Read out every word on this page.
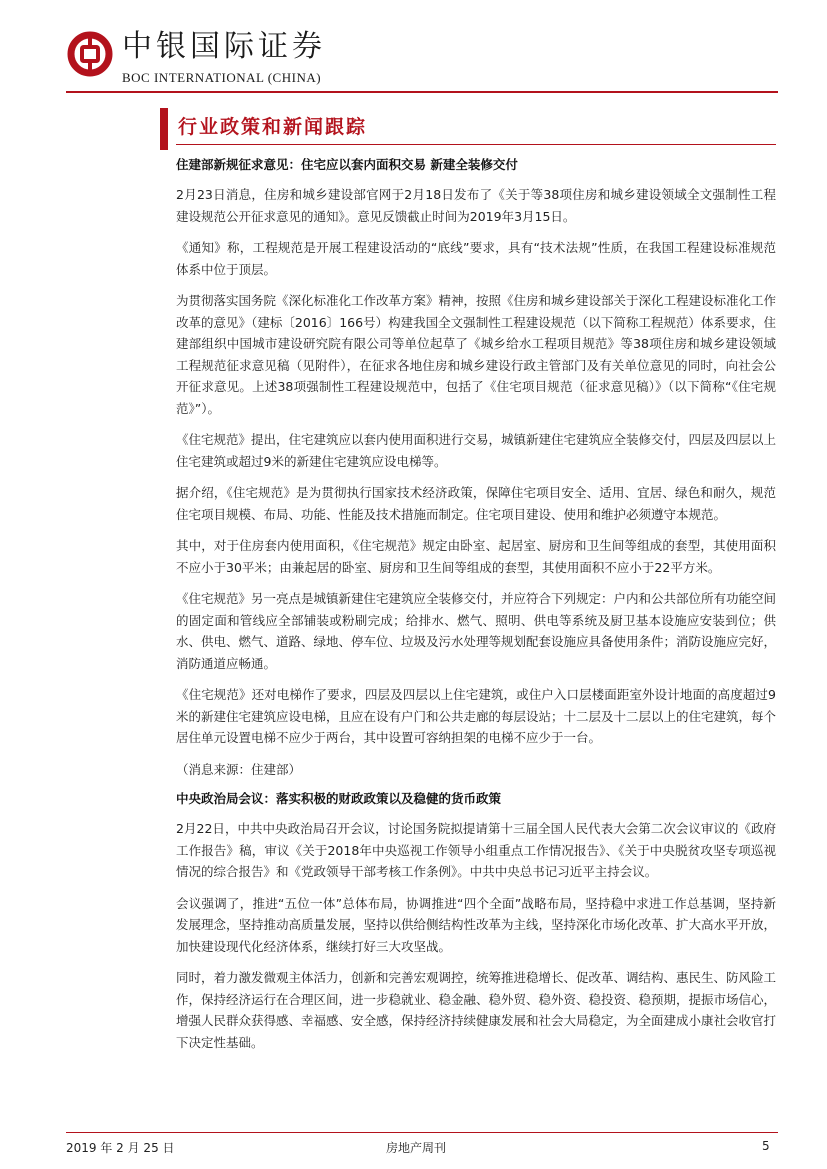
中银国际证券
BOC INTERNATIONAL (CHINA)
行业政策和新闻跟踪
住建部新规征求意见：住宅应以套内面积交易 新建全装修交付

2月23日消息，住房和城乡建设部官网于2月18日发布了《关于等38项住房和城乡建设领域全文强制性工程建设规范公开征求意见的通知》。意见反馈截止时间为2019年3月15日。

《通知》称，工程规范是开展工程建设活动的“底线”要求，具有“技术法规”性质，在我国工程建设标准规范体系中位于顶层。

为贯彻落实国务院《深化标准化工作改革方案》精神，按照《住房和城乡建设部关于深化工程建设标准化工作改革的意见》（建标〔2016〕166号）构建我国全文强制性工程建设规范（以下简称工程规范）体系要求，住建部组织中国城市建设研究院有限公司等单位起草了《城乡给水工程项目规范》等38项住房和城乡建设领域工程规范征求意见稿（见附件），在征求各地住房和城乡建设行政主管部门及有关单位意见的同时，向社会公开征求意见。上述38项强制性工程建设规范中，包括了《住宅项目规范（征求意见稿）》（以下简称“《住宅规范》”）。

《住宅规范》提出，住宅建筑应以套内使用面积进行交易，城镇新建住宅建筑应全装修交付，四层及四层以上住宅建筑或超过9米的新建住宅建筑应设电梯等。

据介绍，《住宅规范》是为贯彻执行国家技术经济政策，保障住宅项目安全、适用、宜居、绿色和耐久，规范住宅项目规模、布局、功能、性能及技术措施而制定。住宅项目建设、使用和维护必须遵守本规范。

其中，对于住房套内使用面积，《住宅规范》规定由卧室、起居室、厨房和卫生间等组成的套型，其使用面积不应小于30平米；由兼起居的卧室、厨房和卫生间等组成的套型，其使用面积不应小于22平方米。

《住宅规范》另一亮点是城镇新建住宅建筑应全装修交付，并应符合下列规定：户内和公共部位所有功能空间的固定面和管线应全部铺装或粉刷完成；给排水、燃气、照明、供电等系统及厨卫基本设施应安装到位；供水、供电、燃气、道路、绿地、停车位、垃圾及污水处理等规划配套设施应具备使用条件；消防设施应完好，消防通道应畅通。

《住宅规范》还对电梯作了要求，四层及四层以上住宅建筑，或住户入口层楼面距室外设计地面的高度超过9米的新建住宅建筑应设电梯，且应在设有户门和公共走廊的每层设站；十二层及十二层以上的住宅建筑，每个居住单元设置电梯不应少于两台，其中设置可容纳担架的电梯不应少于一台。

（消息来源：住建部）

中央政治局会议：落实积极的财政政策以及稳健的货币政策

2月22日，中共中央政治局召开会议，讨论国务院拟提请第十三届全国人民代表大会第二次会议审议的《政府工作报告》稿，审议《关于2018年中央巡视工作领导小组重点工作情况报告》、《关于中央脱贫攻坚专项巡视情况的综合报告》和《党政领导干部考核工作条例》。中共中央总书记习近平主持会议。

会议强调了，推进“五位一体”总体布局，协调推进“四个全面”战略布局，坚持稳中求进工作总基调，坚持新发展理念，坚持推动高质量发展，坚持以供给侧结构性改革为主线，坚持深化市场化改革、扩大高水平开放，加快建设现代化经济体系，继续打好三大攻坚战。

同时，着力激发微观主体活力，创新和完善宏观调控，统筹推进稳增长、促改革、调结构、惠民生、防风险工作，保持经济运行在合理区间，进一步稳就业、稳金融、稳外贸、稳外资、稳投资、稳预期，提振市场信心，增强人民群众获得感、幸福感、安全感，保持经济持续健康发展和社会大局稳定，为全面建成小康社会收官打下决定性基础。

2019 年 2 月 25 日	房地产周刊	5
